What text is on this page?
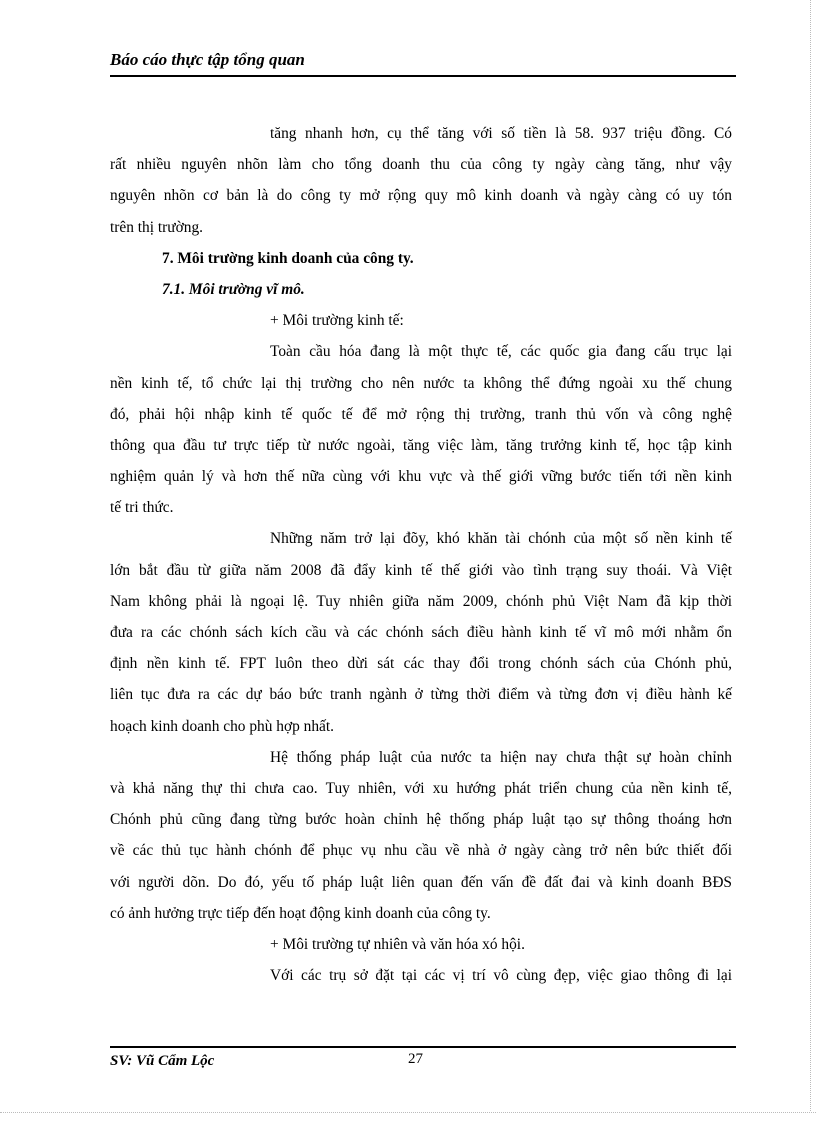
Báo cáo thực tập tổng quan
tăng nhanh hơn, cụ thể tăng với số tiền là 58. 937 triệu đồng. Có
rất nhiều nguyên nhõn làm cho tổng doanh thu của công ty ngày càng tăng, như vậy
nguyên nhõn cơ bản là do công ty mở rộng quy mô kinh doanh và ngày càng có uy tón
trên thị trường.
7. Môi trường kinh doanh của công ty.
7.1. Môi trường vĩ mô.
+ Môi trường kinh tế:
Toàn cầu hóa đang là một thực tế, các quốc gia đang cấu trục lại
nền kinh tế, tổ chức lại thị trường cho nên nước ta không thể đứng ngoài xu thế chung
đó, phải hội nhập kinh tế quốc tế để mở rộng thị trường, tranh thủ vốn và công nghệ
thông qua đầu tư trực tiếp từ nước ngoài, tăng việc làm, tăng trưởng kinh tế, học tập kinh
nghiệm quản lý và hơn thế nữa cùng với khu vực và thế giới vững bước tiến tới nền kinh
tế tri thức.
Những năm trở lại đõy, khó khăn tài chónh của một số nền kinh tế
lớn bắt đầu từ giữa năm 2008 đã đẩy kinh tế thế giới vào tình trạng suy thoái. Và Việt
Nam không phải là ngoại lệ. Tuy nhiên giữa năm 2009, chónh phủ Việt Nam đã kịp thời
đưa ra các chónh sách kích cầu và các chónh sách điều hành kinh tế vĩ mô mới nhằm ổn
định nền kinh tế. FPT luôn theo dừi sát các thay đổi trong chónh sách của Chónh phủ,
liên tục đưa ra các dự báo bức tranh ngành ở từng thời điểm và từng đơn vị điều hành kế
hoạch kinh doanh cho phù hợp nhất.
Hệ thống pháp luật của nước ta hiện nay chưa thật sự hoàn chỉnh
và khả năng thự thi chưa cao. Tuy nhiên, với xu hướng phát triển chung của nền kinh tế,
Chónh phủ cũng đang từng bước hoàn chỉnh hệ thống pháp luật tạo sự thông thoáng hơn
về các thủ tục hành chónh để phục vụ nhu cầu về nhà ở ngày càng trở nên bức thiết đối
với người dõn. Do đó, yếu tố pháp luật liên quan đến vấn đề đất đai và kinh doanh BĐS
có ảnh hưởng trực tiếp đến hoạt động kinh doanh của công ty.
+ Môi trường tự nhiên và văn hóa xó hội.
Với các trụ sở đặt tại các vị trí vô cùng đẹp, việc giao thông đi lại
SV: Vũ Cẩm Lộc	27
